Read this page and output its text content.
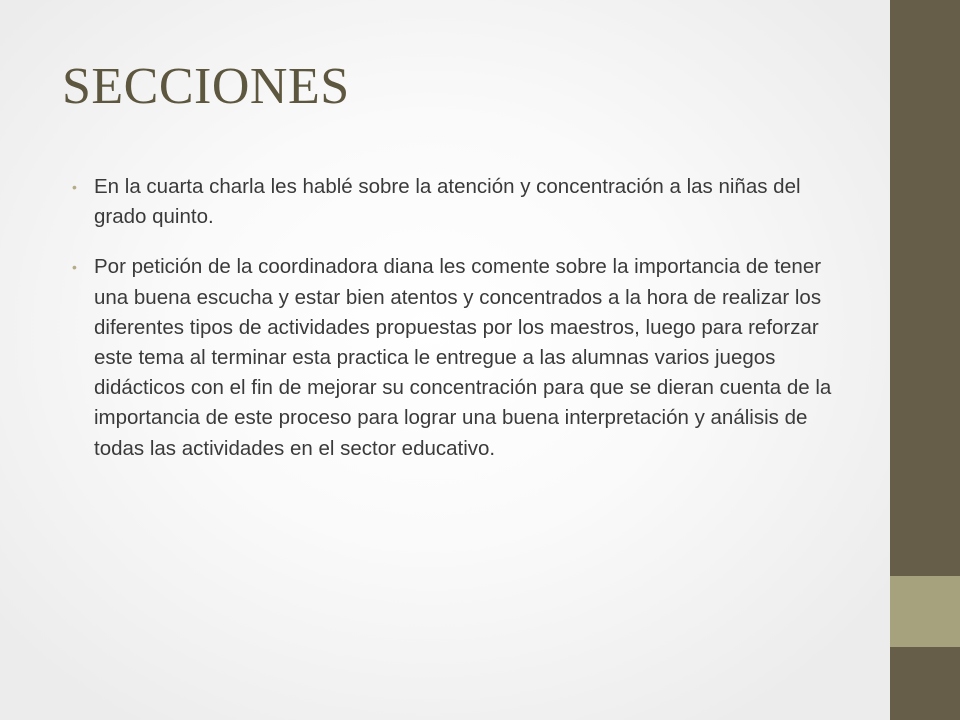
SECCIONES
• En la cuarta charla les hablé sobre la atención y concentración a las niñas del grado quinto.
• Por petición de la coordinadora diana les comente sobre la importancia de tener una buena escucha y estar bien atentos y concentrados a la hora de realizar los diferentes tipos de actividades propuestas por los maestros, luego para reforzar este tema al terminar esta practica le entregue a las alumnas varios juegos didácticos con el fin de mejorar su concentración para que se dieran cuenta de la importancia de este proceso para lograr una buena interpretación y análisis de todas las actividades en el sector educativo.
